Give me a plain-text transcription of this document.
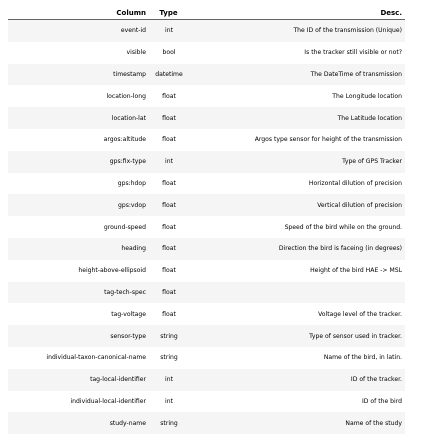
Column	Type	Desc.
event-id	int	The ID of the transmission (Unique)
visible	bool	Is the tracker still visible or not?
timestamp	datetime	The DateTime of transmission
location-long	float	The Longitude location
location-lat	float	The Latitude location
argos:altitude	float	Argos type sensor for height of the transmission
gps:fix-type	int	Type of GPS Tracker
gps:hdop	float	Horizontal dilution of precision
gps:vdop	float	Vertical dilution of precision
ground-speed	float	Speed of the bird while on the ground.
heading	float	Direction the bird is faceing (in degrees)
height-above-ellipsoid	float	Height of the bird HAE -> MSL
tag-tech-spec	float	
tag-voltage	float	Voltage level of the tracker.
sensor-type	string	Type of sensor used in tracker.
individual-taxon-canonical-name	string	Name of the bird, in latin.
tag-local-identifier	int	ID of the tracker.
individual-local-identifier	int	ID of the bird
study-name	string	Name of the study
